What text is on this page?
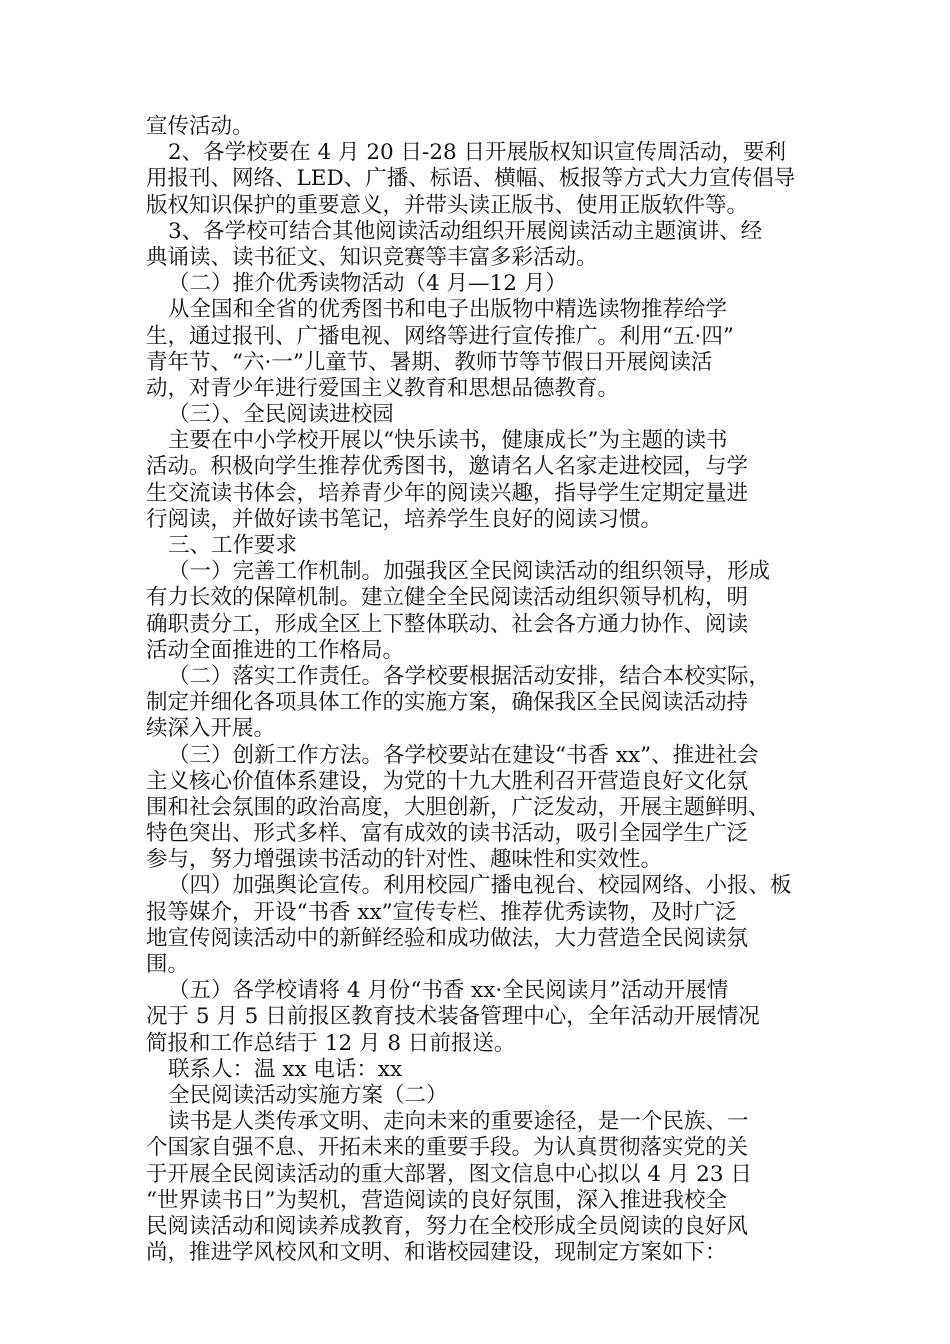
宣传活动。
2、各学校要在 4 月 20 日-28 日开展版权知识宣传周活动，要利
用报刊、网络、LED、广播、标语、横幅、板报等方式大力宣传倡导
版权知识保护的重要意义，并带头读正版书、使用正版软件等。
3、各学校可结合其他阅读活动组织开展阅读活动主题演讲、经
典诵读、读书征文、知识竞赛等丰富多彩活动。
（二）推介优秀读物活动（4 月—12 月）
从全国和全省的优秀图书和电子出版物中精选读物推荐给学
生，通过报刊、广播电视、网络等进行宣传推广。利用“五·四”
青年节、“六·一”儿童节、暑期、教师节等节假日开展阅读活
动，对青少年进行爱国主义教育和思想品德教育。
（三）、全民阅读进校园
主要在中小学校开展以“快乐读书，健康成长”为主题的读书
活动。积极向学生推荐优秀图书，邀请名人名家走进校园，与学
生交流读书体会，培养青少年的阅读兴趣，指导学生定期定量进
行阅读，并做好读书笔记，培养学生良好的阅读习惯。
三、工作要求
（一）完善工作机制。加强我区全民阅读活动的组织领导，形成
有力长效的保障机制。建立健全全民阅读活动组织领导机构，明
确职责分工，形成全区上下整体联动、社会各方通力协作、阅读
活动全面推进的工作格局。
（二）落实工作责任。各学校要根据活动安排，结合本校实际，
制定并细化各项具体工作的实施方案，确保我区全民阅读活动持
续深入开展。
（三）创新工作方法。各学校要站在建设“书香 xx”、推进社会
主义核心价值体系建设，为党的十九大胜利召开营造良好文化氛
围和社会氛围的政治高度，大胆创新，广泛发动，开展主题鲜明、
特色突出、形式多样、富有成效的读书活动，吸引全园学生广泛
参与，努力增强读书活动的针对性、趣味性和实效性。
（四）加强舆论宣传。利用校园广播电视台、校园网络、小报、板
报等媒介，开设“书香 xx”宣传专栏、推荐优秀读物，及时广泛
地宣传阅读活动中的新鲜经验和成功做法，大力营造全民阅读氛
围。
（五）各学校请将 4 月份“书香 xx·全民阅读月”活动开展情
况于 5 月 5 日前报区教育技术装备管理中心，全年活动开展情况
简报和工作总结于 12 月 8 日前报送。
联系人：温 xx 电话：xx
全民阅读活动实施方案（二）
读书是人类传承文明、走向未来的重要途径，是一个民族、一
个国家自强不息、开拓未来的重要手段。为认真贯彻落实党的关
于开展全民阅读活动的重大部署，图文信息中心拟以 4 月 23 日
“世界读书日”为契机，营造阅读的良好氛围，深入推进我校全
民阅读活动和阅读养成教育，努力在全校形成全员阅读的良好风
尚，推进学风校风和文明、和谐校园建设，现制定方案如下：
